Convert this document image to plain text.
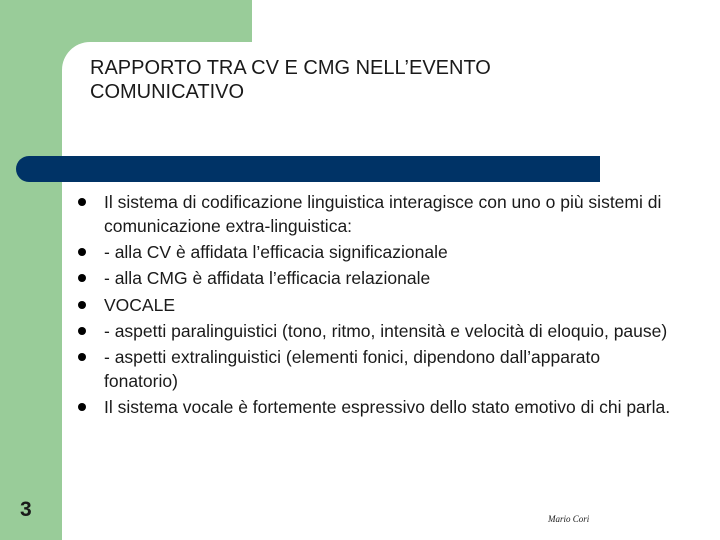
RAPPORTO TRA CV E CMG NELL’EVENTO
COMUNICATIVO
Il sistema di codificazione linguistica interagisce con uno o più sistemi di comunicazione extra-linguistica:
- alla CV è affidata l’efficacia significazionale
- alla CMG è affidata l’efficacia relazionale
VOCALE
- aspetti paralinguistici (tono, ritmo, intensità e velocità di eloquio, pause)
- aspetti extralinguistici (elementi fonici, dipendono dall’apparato fonatorio)
Il sistema vocale è fortemente espressivo dello stato emotivo di chi parla.
3	Mario Cori
